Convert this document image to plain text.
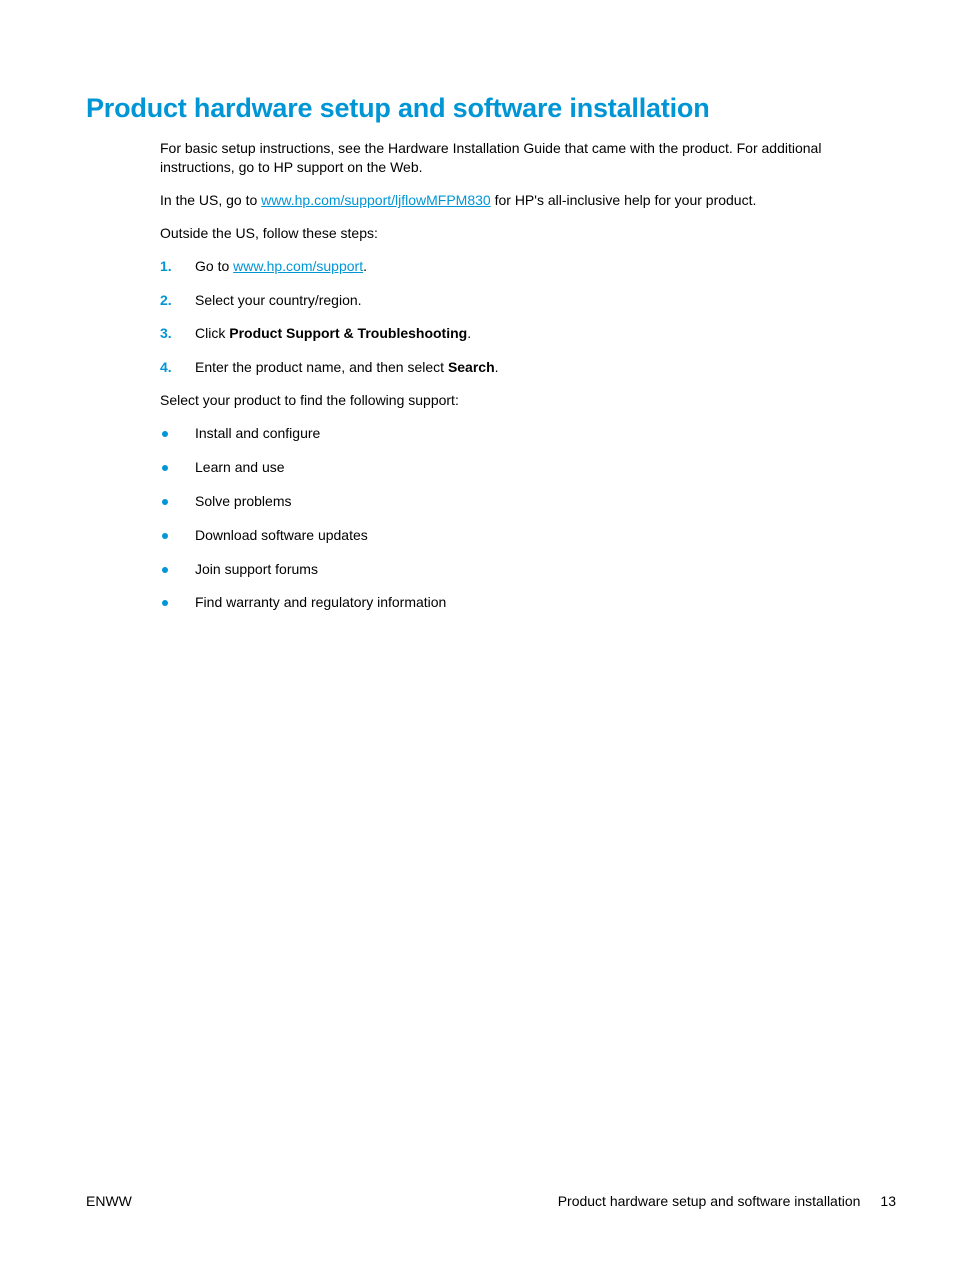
Product hardware setup and software installation

For basic setup instructions, see the Hardware Installation Guide that came with the product. For additional instructions, go to HP support on the Web.

In the US, go to www.hp.com/support/ljflowMFPM830 for HP's all-inclusive help for your product.

Outside the US, follow these steps:

1. Go to www.hp.com/support.
2. Select your country/region.
3. Click Product Support & Troubleshooting.
4. Enter the product name, and then select Search.

Select your product to find the following support:

Install and configure
Learn and use
Solve problems
Download software updates
Join support forums
Find warranty and regulatory information
ENWW	Product hardware setup and software installation 13
